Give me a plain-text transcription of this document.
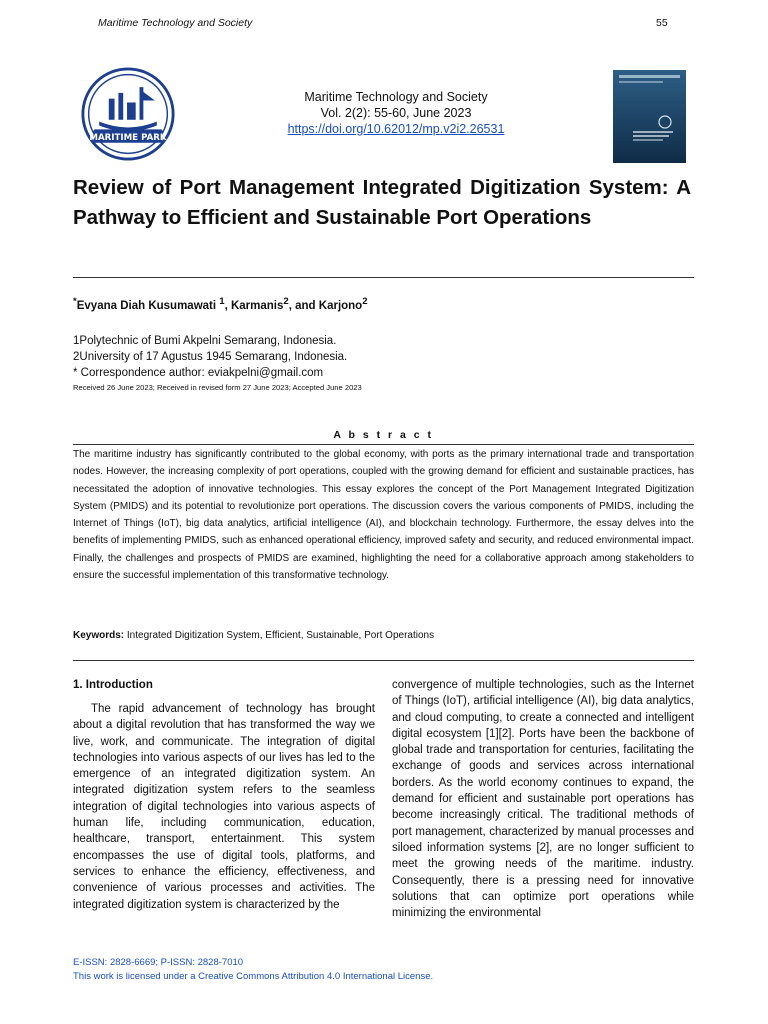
Maritime Technology and Society	55
MARITIME PARK
Maritime Technology and Society
Vol. 2(2): 55-60, June 2023
https://doi.org/10.62012/mp.v2i2.26531
Review of Port Management Integrated Digitization System: A Pathway to Efficient and Sustainable Port Operations
*Evyana Diah Kusumawati $^1$, Karmanis$^2$, and Karjono$^2$
1Polytechnic of Bumi Akpelni Semarang, Indonesia.
2University of 17 Agustus 1945 Semarang, Indonesia.
* Correspondence author: eviakpelni@gmail.com
Received 26 June 2023; Received in revised form 27 June 2023; Accepted June 2023
A b s t r a c t
The maritime industry has significantly contributed to the global economy, with ports as the primary international trade and transportation nodes. However, the increasing complexity of port operations, coupled with the growing demand for efficient and sustainable practices, has necessitated the adoption of innovative technologies. This essay explores the concept of the Port Management Integrated Digitization System (PMIDS) and its potential to revolutionize port operations. The discussion covers the various components of PMIDS, including the Internet of Things (IoT), big data analytics, artificial intelligence (AI), and blockchain technology. Furthermore, the essay delves into the benefits of implementing PMIDS, such as enhanced operational efficiency, improved safety and security, and reduced environmental impact. Finally, the challenges and prospects of PMIDS are examined, highlighting the need for a collaborative approach among stakeholders to ensure the successful implementation of this transformative technology.
Keywords: Integrated Digitization System, Efficient, Sustainable, Port Operations
1. Introduction

The rapid advancement of technology has brought about a digital revolution that has transformed the way we live, work, and communicate. The integration of digital technologies into various aspects of our lives has led to the emergence of an integrated digitization system. An integrated digitization system refers to the seamless integration of digital technologies into various aspects of human life, including communication, education, healthcare, transport, entertainment. This system encompasses the use of digital tools, platforms, and services to enhance the efficiency, effectiveness, and convenience of various processes and activities. The integrated digitization system is characterized by the

convergence of multiple technologies, such as the Internet of Things (IoT), artificial intelligence (AI), big data analytics, and cloud computing, to create a connected and intelligent digital ecosystem [1][2]. Ports have been the backbone of global trade and transportation for centuries, facilitating the exchange of goods and services across international borders. As the world economy continues to expand, the demand for efficient and sustainable port operations has become increasingly critical. The traditional methods of port management, characterized by manual processes and siloed information systems [2], are no longer sufficient to meet the growing needs of the maritime. industry. Consequently, there is a pressing need for innovative solutions that can optimize port operations while minimizing the environmental

E-ISSN: 2828-6669; P-ISSN: 2828-7010
This work is licensed under a Creative Commons Attribution 4.0 International License.
